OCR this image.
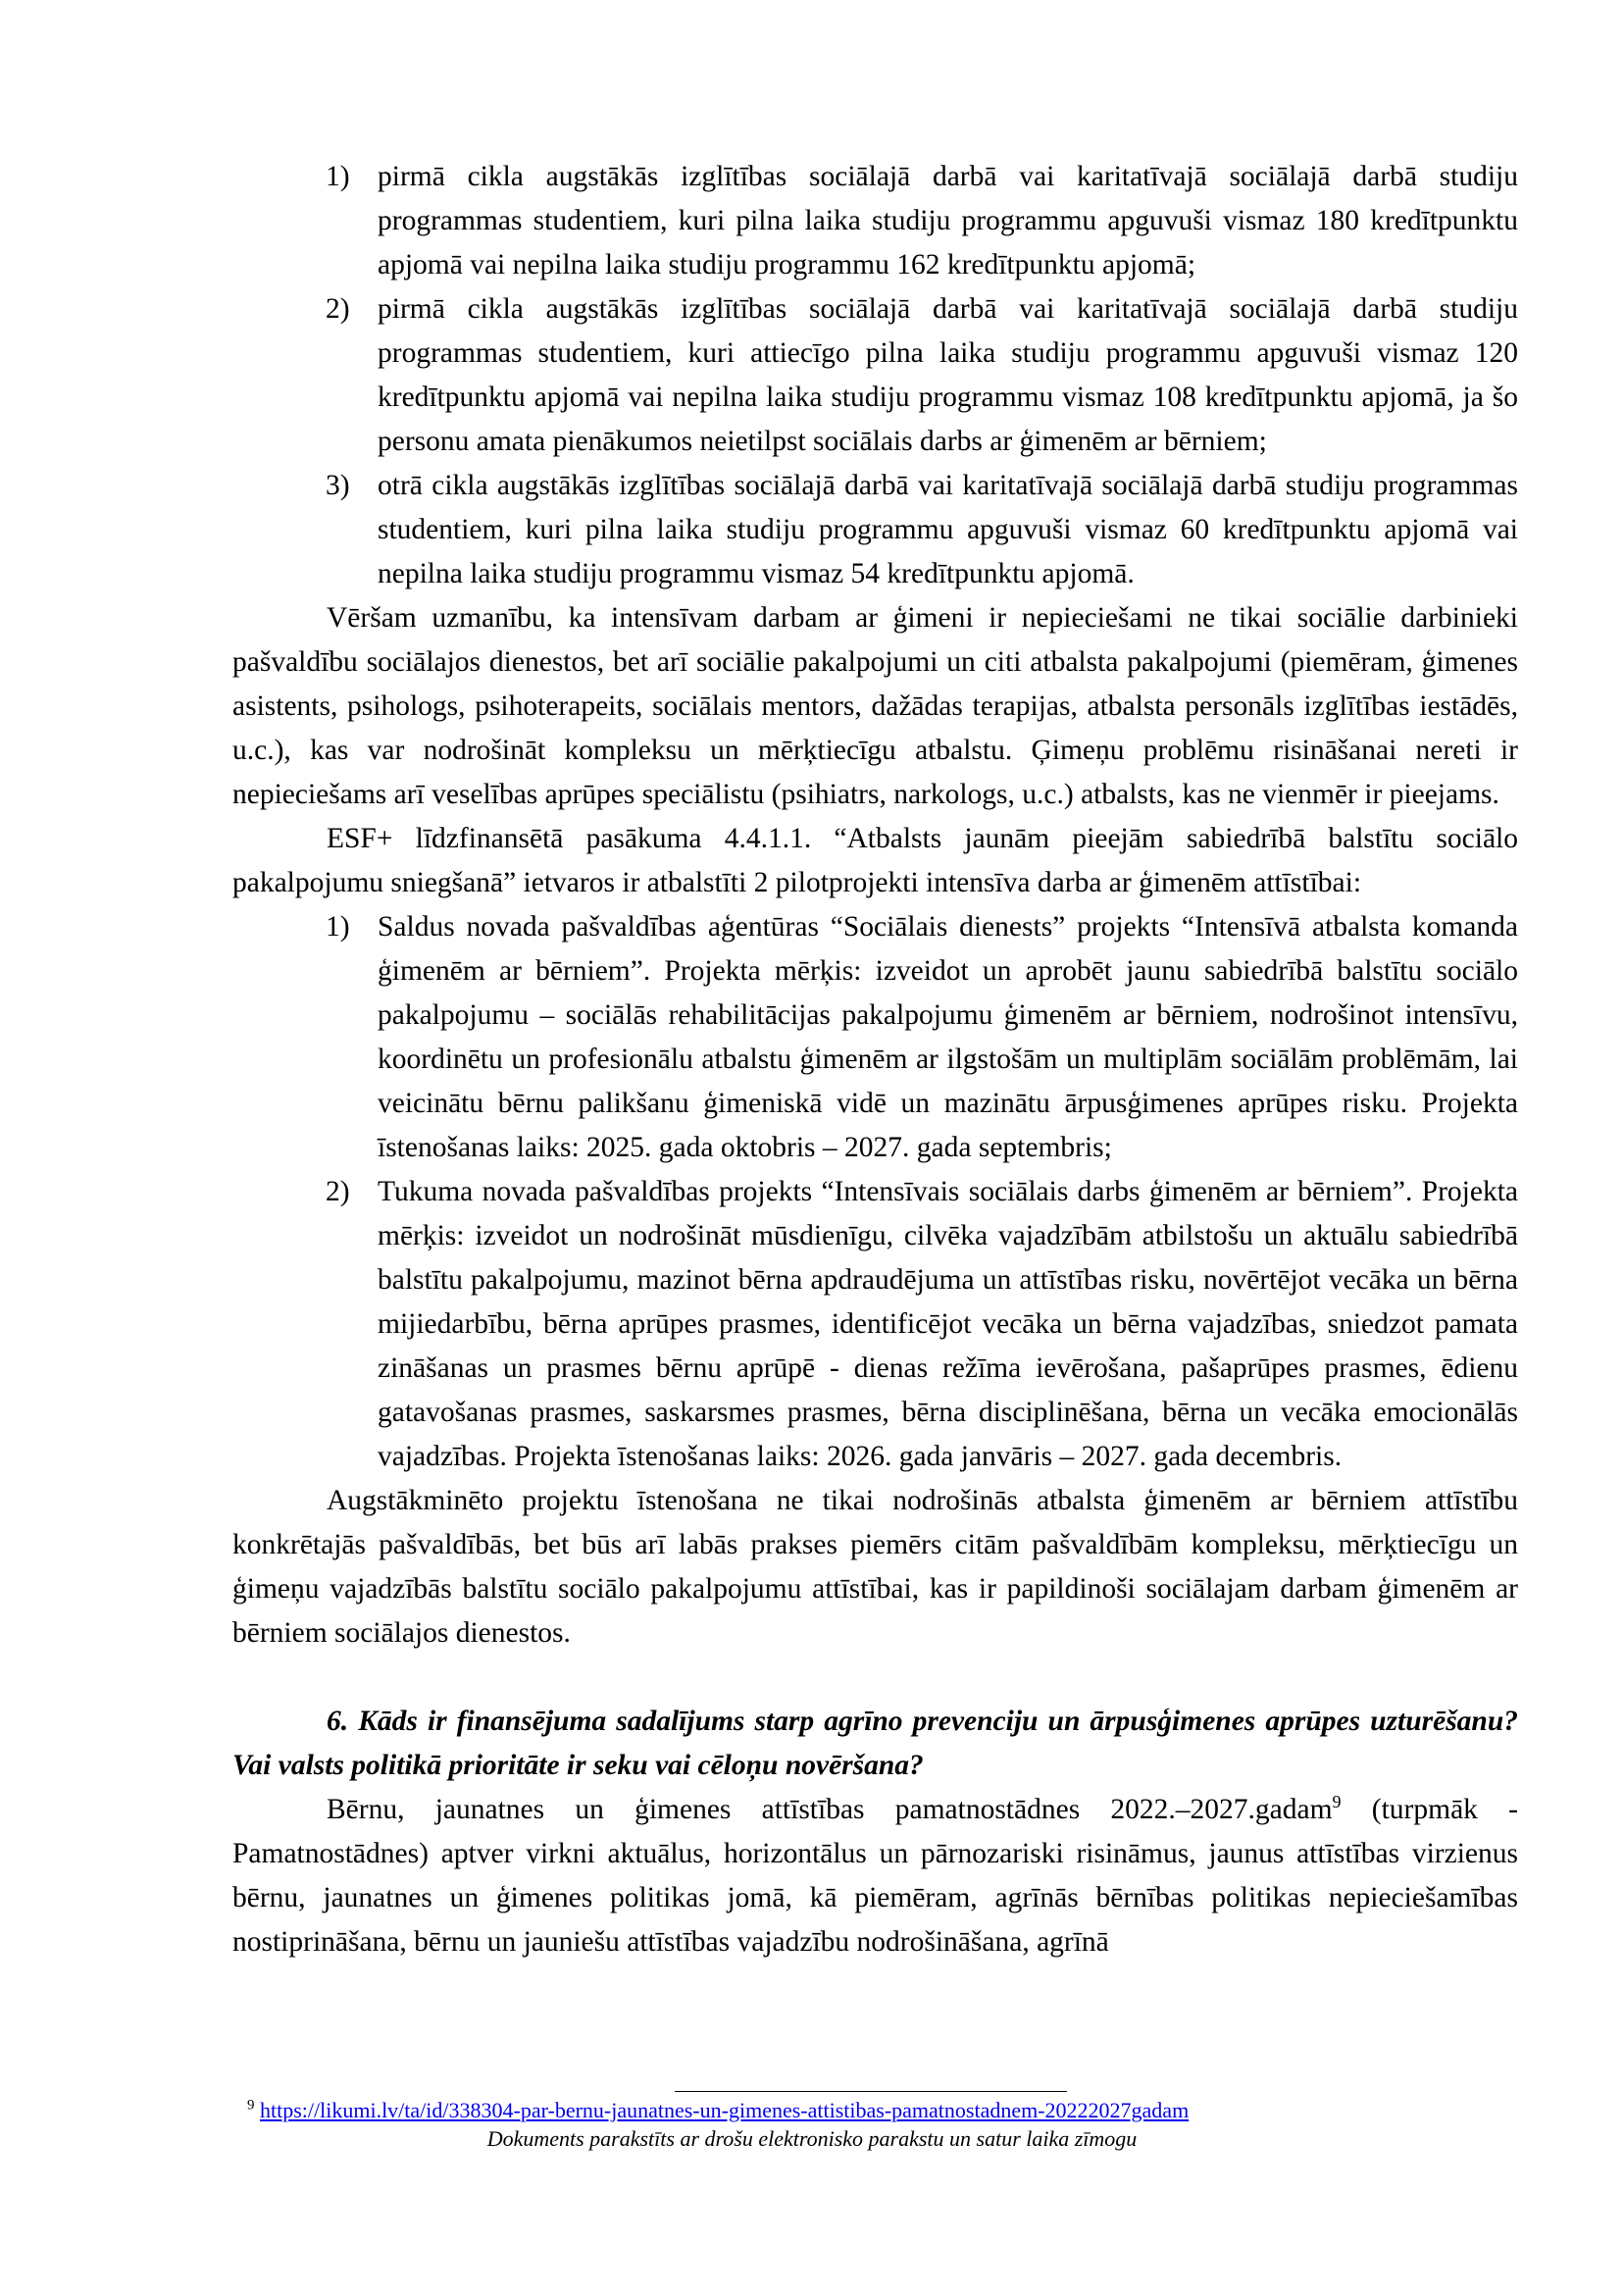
1) pirmā cikla augstākās izglītības sociālajā darbā vai karitatīvajā sociālajā darbā studiju programmas studentiem, kuri pilna laika studiju programmu apguvuši vismaz 180 kredītpunktu apjomā vai nepilna laika studiju programmu 162 kredītpunktu apjomā;
2) pirmā cikla augstākās izglītības sociālajā darbā vai karitatīvajā sociālajā darbā studiju programmas studentiem, kuri attiecīgo pilna laika studiju programmu apguvuši vismaz 120 kredītpunktu apjomā vai nepilna laika studiju programmu vismaz 108 kredītpunktu apjomā, ja šo personu amata pienākumos neietilpst sociālais darbs ar ģimenēm ar bērniem;
3) otrā cikla augstākās izglītības sociālajā darbā vai karitatīvajā sociālajā darbā studiju programmas studentiem, kuri pilna laika studiju programmu apguvuši vismaz 60 kredītpunktu apjomā vai nepilna laika studiju programmu vismaz 54 kredītpunktu apjomā.

Vēršam uzmanību, ka intensīvam darbam ar ģimeni ir nepieciešami ne tikai sociālie darbinieki pašvaldību sociālajos dienestos, bet arī sociālie pakalpojumi un citi atbalsta pakalpojumi (piemēram, ģimenes asistents, psihologs, psihoterapeits, sociālais mentors, dažādas terapijas, atbalsta personāls izglītības iestādēs, u.c.), kas var nodrošināt kompleksu un mērķtiecīgu atbalstu. Ģimeņu problēmu risināšanai nereti ir nepieciešams arī veselības aprūpes speciālistu (psihiatrs, narkologs, u.c.) atbalsts, kas ne vienmēr ir pieejams.

ESF+ līdzfinansētā pasākuma 4.4.1.1. “Atbalsts jaunām pieejām sabiedrībā balstītu sociālo pakalpojumu sniegšanā” ietvaros ir atbalstīti 2 pilotprojekti intensīva darba ar ģimenēm attīstībai:

1) Saldus novada pašvaldības aģentūras “Sociālais dienests” projekts “Intensīvā atbalsta komanda ģimenēm ar bērniem”. Projekta mērķis: izveidot un aprobēt jaunu sabiedrībā balstītu sociālo pakalpojumu – sociālās rehabilitācijas pakalpojumu ģimenēm ar bērniem, nodrošinot intensīvu, koordinētu un profesionālu atbalstu ģimenēm ar ilgstošām un multiplām sociālām problēmām, lai veicinātu bērnu palikšanu ģimeniskā vidē un mazinātu ārpusģimenes aprūpes risku. Projekta īstenošanas laiks: 2025. gada oktobris – 2027. gada septembris;
2) Tukuma novada pašvaldības projekts “Intensīvais sociālais darbs ģimenēm ar bērniem”. Projekta mērķis: izveidot un nodrošināt mūsdienīgu, cilvēka vajadzībām atbilstošu un aktuālu sabiedrībā balstītu pakalpojumu, mazinot bērna apdraudējuma un attīstības risku, novērtējot vecāka un bērna mijiedarbību, bērna aprūpes prasmes, identificējot vecāka un bērna vajadzības, sniedzot pamata zināšanas un prasmes bērnu aprūpē - dienas režīma ievērošana, pašaprūpes prasmes, ēdienu gatavošanas prasmes, saskarsmes prasmes, bērna disciplinēšana, bērna un vecāka emocionālās vajadzības. Projekta īstenošanas laiks: 2026. gada janvāris – 2027. gada decembris.

Augstākminēto projektu īstenošana ne tikai nodrošinās atbalsta ģimenēm ar bērniem attīstību konkrētajās pašvaldībās, bet būs arī labās prakses piemērs citām pašvaldībām kompleksu, mērķtiecīgu un ģimeņu vajadzībās balstītu sociālo pakalpojumu attīstībai, kas ir papildinoši sociālajam darbam ģimenēm ar bērniem sociālajos dienestos.

6. Kāds ir finansējuma sadalījums starp agrīno prevenciju un ārpusģimenes aprūpes uzturēšanu? Vai valsts politikā prioritāte ir seku vai cēloņu novēršana?

Bērnu, jaunatnes un ģimenes attīstības pamatnostādnes 2022.–2027.gadam$^9$ (turpmāk - Pamatnostādnes) aptver virkni aktuālus, horizontālus un pārnozariski risināmus, jaunus attīstības virzienus bērnu, jaunatnes un ģimenes politikas jomā, kā piemēram, agrīnās bērnības politikas nepieciešamības nostiprināšana, bērnu un jauniešu attīstības vajadzību nodrošināšana, agrīnā

$^9$ https://likumi.lv/ta/id/338304-par-bernu-jaunatnes-un-gimenes-attistibas-pamatnostadnem-20222027gadam
Dokuments parakstīts ar drošu elektronisko parakstu un satur laika zīmogu
